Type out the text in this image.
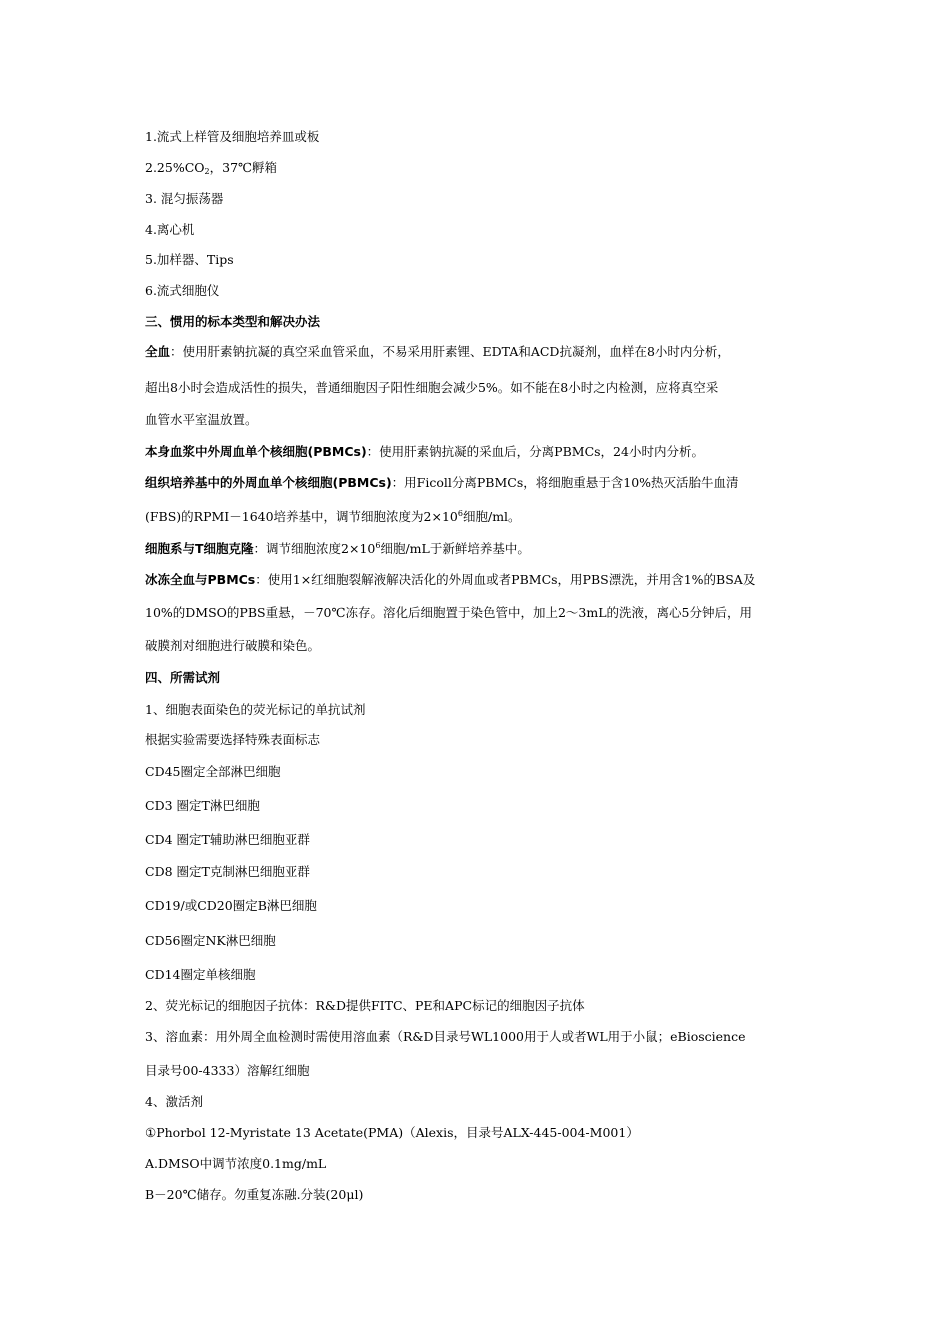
1.流式上样管及细胞培养皿或板
$2.25\%CO_2$，37℃孵箱
3. 混匀振荡器
4.离心机
5.加样器、Tips
6.流式细胞仪
三、惯用的标本类型和解决办法
全血：使用肝素钠抗凝的真空采血管采血，不易采用肝素锂、EDTA和ACD抗凝剂，血样在8小时内分析，
超出8小时会造成活性的损失，普通细胞因子阳性细胞会减少5%。如不能在8小时之内检测，应将真空采
血管水平室温放置。
本身血浆中外周血单个核细胞(PBMCs)：使用肝素钠抗凝的采血后，分离PBMCs，24小时内分析。
组织培养基中的外周血单个核细胞(PBMCs)：用Ficoll分离PBMCs，将细胞重悬于含10%热灭活胎牛血清
(FBS)的RPMI－1640培养基中，调节细胞浓度为$2\times 10^6$细胞/ml。
细胞系与T细胞克隆：调节细胞浓度$2\times 10^6$细胞/mL于新鲜培养基中。
冰冻全血与PBMCs：使用1×红细胞裂解液解决活化的外周血或者PBMCs，用PBS漂洗，并用含1%的BSA及
10%的DMSO的PBS重悬，－70℃冻存。溶化后细胞置于染色管中，加上2～3mL的洗液，离心5分钟后，用
破膜剂对细胞进行破膜和染色。
四、所需试剂
1、细胞表面染色的荧光标记的单抗试剂
根据实验需要选择特殊表面标志
CD45圈定全部淋巴细胞
CD3 圈定T淋巴细胞
CD4 圈定T辅助淋巴细胞亚群
CD8 圈定T克制淋巴细胞亚群
CD19/或CD20圈定B淋巴细胞
CD56圈定NK淋巴细胞
CD14圈定单核细胞
2、荧光标记的细胞因子抗体：R&D提供FITC、PE和APC标记的细胞因子抗体
3、溶血素：用外周全血检测时需使用溶血素（R&D目录号WL1000用于人或者WL用于小鼠；eBioscience
目录号00-4333）溶解红细胞
4、激活剂
①Phorbol 12-Myristate 13 Acetate(PMA)（Alexis，目录号ALX-445-004-M001）
A.DMSO中调节浓度0.1mg/mL
B－20℃储存。勿重复冻融.分装(20μl)
